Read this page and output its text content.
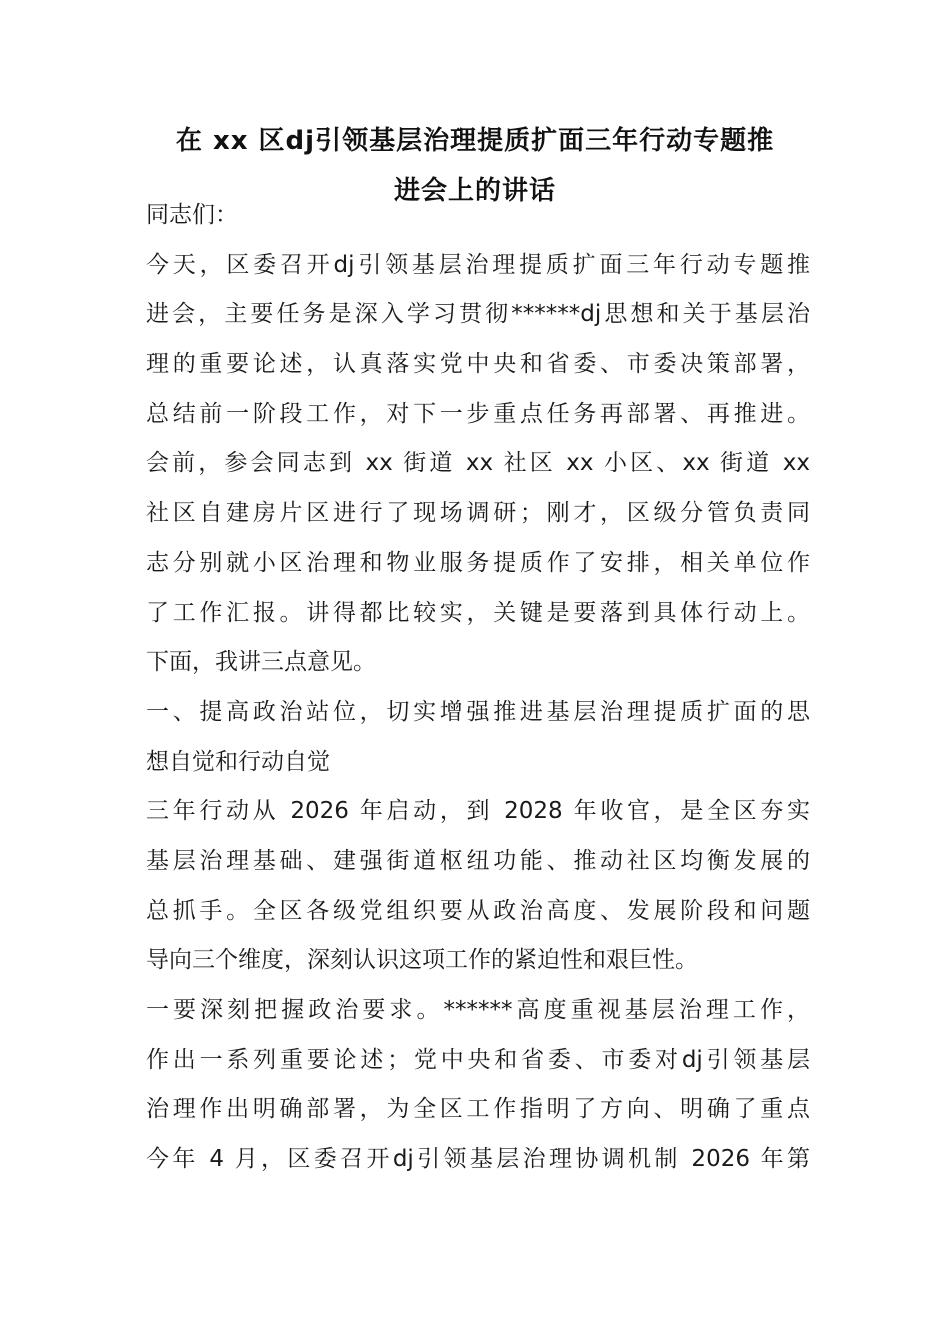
在 xx 区dj引领基层治理提质扩面三年行动专题推
进会上的讲话
同志们：
今天，区委召开dj引领基层治理提质扩面三年行动专题推
进会，主要任务是深入学习贯彻******dj思想和关于基层治
理的重要论述，认真落实党中央和省委、市委决策部署，
总结前一阶段工作，对下一步重点任务再部署、再推进。
会前，参会同志到 xx 街道 xx 社区 xx 小区、xx 街道 xx
社区自建房片区进行了现场调研；刚才，区级分管负责同
志分别就小区治理和物业服务提质作了安排，相关单位作
了工作汇报。讲得都比较实，关键是要落到具体行动上。
下面，我讲三点意见。
一、提高政治站位，切实增强推进基层治理提质扩面的思
想自觉和行动自觉
三年行动从 2026 年启动，到 2028 年收官，是全区夯实
基层治理基础、建强街道枢纽功能、推动社区均衡发展的
总抓手。全区各级党组织要从政治高度、发展阶段和问题
导向三个维度，深刻认识这项工作的紧迫性和艰巨性。
一要深刻把握政治要求。******高度重视基层治理工作，
作出一系列重要论述；党中央和省委、市委对dj引领基层
治理作出明确部署，为全区工作指明了方向、明确了重点
今年 4 月，区委召开dj引领基层治理协调机制 2026 年第
